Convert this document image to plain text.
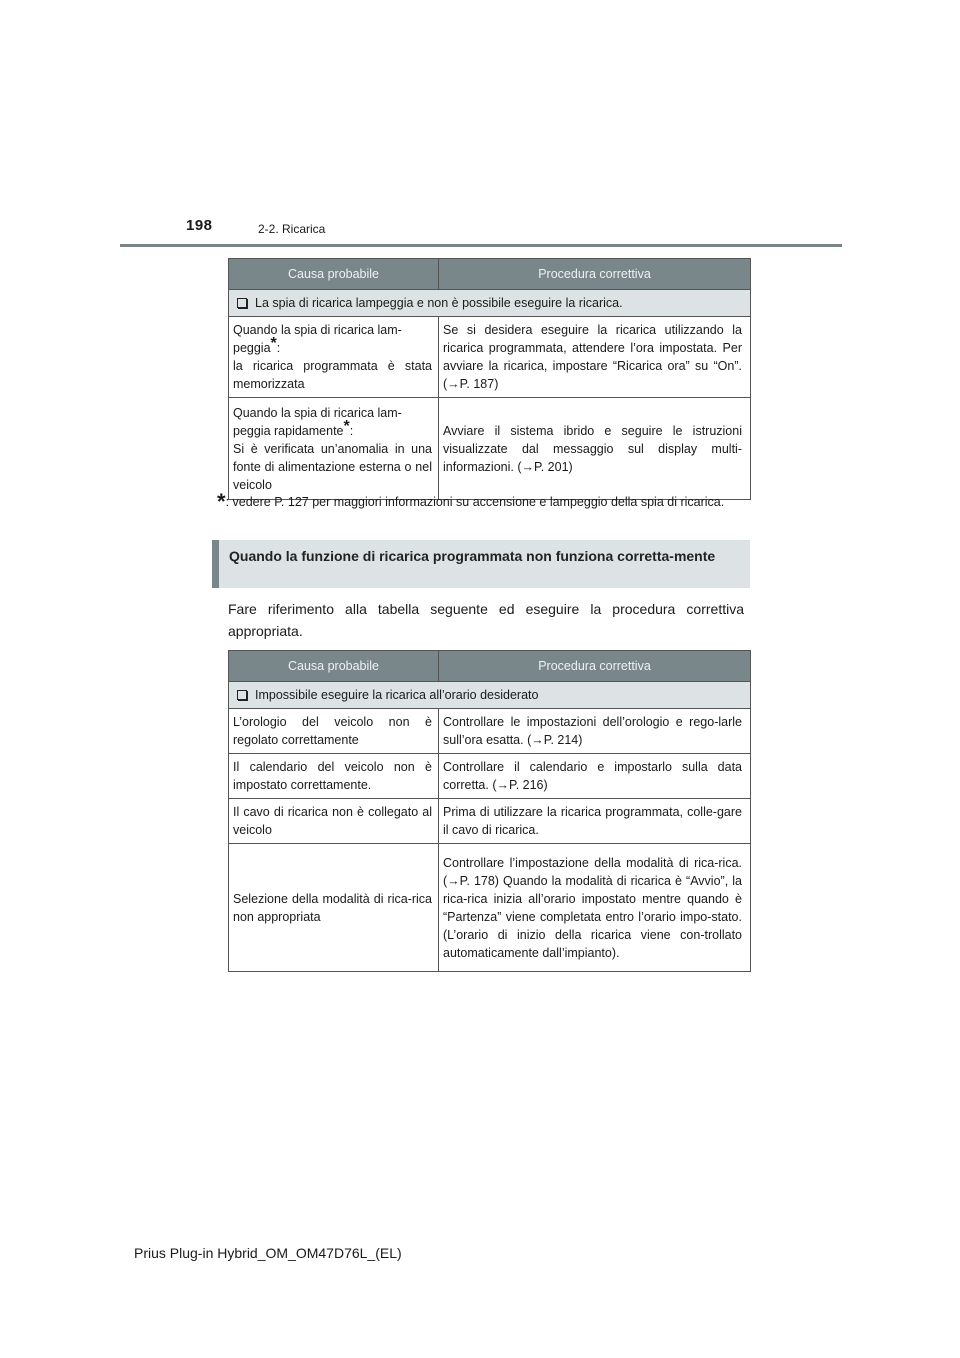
198	2-2. Ricarica
Causa probabile	Procedura correttiva
La spia di ricarica lampeggia e non è possibile eseguire la ricarica.	
Quando la spia di ricarica lam-
peggia*:
la ricarica programmata è stata memorizzata	Se si desidera eseguire la ricarica utilizzando la ricarica programmata, attendere l’ora impostata. Per avviare la ricarica, impostare “Ricarica ora” su “On”. (→P. 187)
Quando la spia di ricarica lam-
peggia rapidamente*:
Si è verificata un’anomalia in una fonte di alimentazione esterna o nel veicolo	Avviare il sistema ibrido e seguire le istruzioni visualizzate dal messaggio sul display multi-informazioni. (→P. 201)
*: vedere P. 127 per maggiori informazioni su accensione e lampeggio della spia di ricarica.
Quando la funzione di ricarica programmata non funziona corretta-mente
Fare riferimento alla tabella seguente ed eseguire la procedura correttiva appropriata.
Causa probabile	Procedura correttiva
Impossibile eseguire la ricarica all’orario desiderato	
L’orologio del veicolo non è regolato correttamente	Controllare le impostazioni dell’orologio e rego-larle sull’ora esatta. (→P. 214)
Il calendario del veicolo non è impostato correttamente.	Controllare il calendario e impostarlo sulla data corretta. (→P. 216)
Il cavo di ricarica non è collegato al veicolo	Prima di utilizzare la ricarica programmata, colle-gare il cavo di ricarica.
Selezione della modalità di rica-rica non appropriata	Controllare l’impostazione della modalità di rica-rica. (→P. 178) Quando la modalità di ricarica è “Avvio”, la rica-rica inizia all’orario impostato mentre quando è “Partenza” viene completata entro l’orario impo-stato. (L’orario di inizio della ricarica viene con-trollato automaticamente dall’impianto).
Prius Plug-in Hybrid_OM_OM47D76L_(EL)
